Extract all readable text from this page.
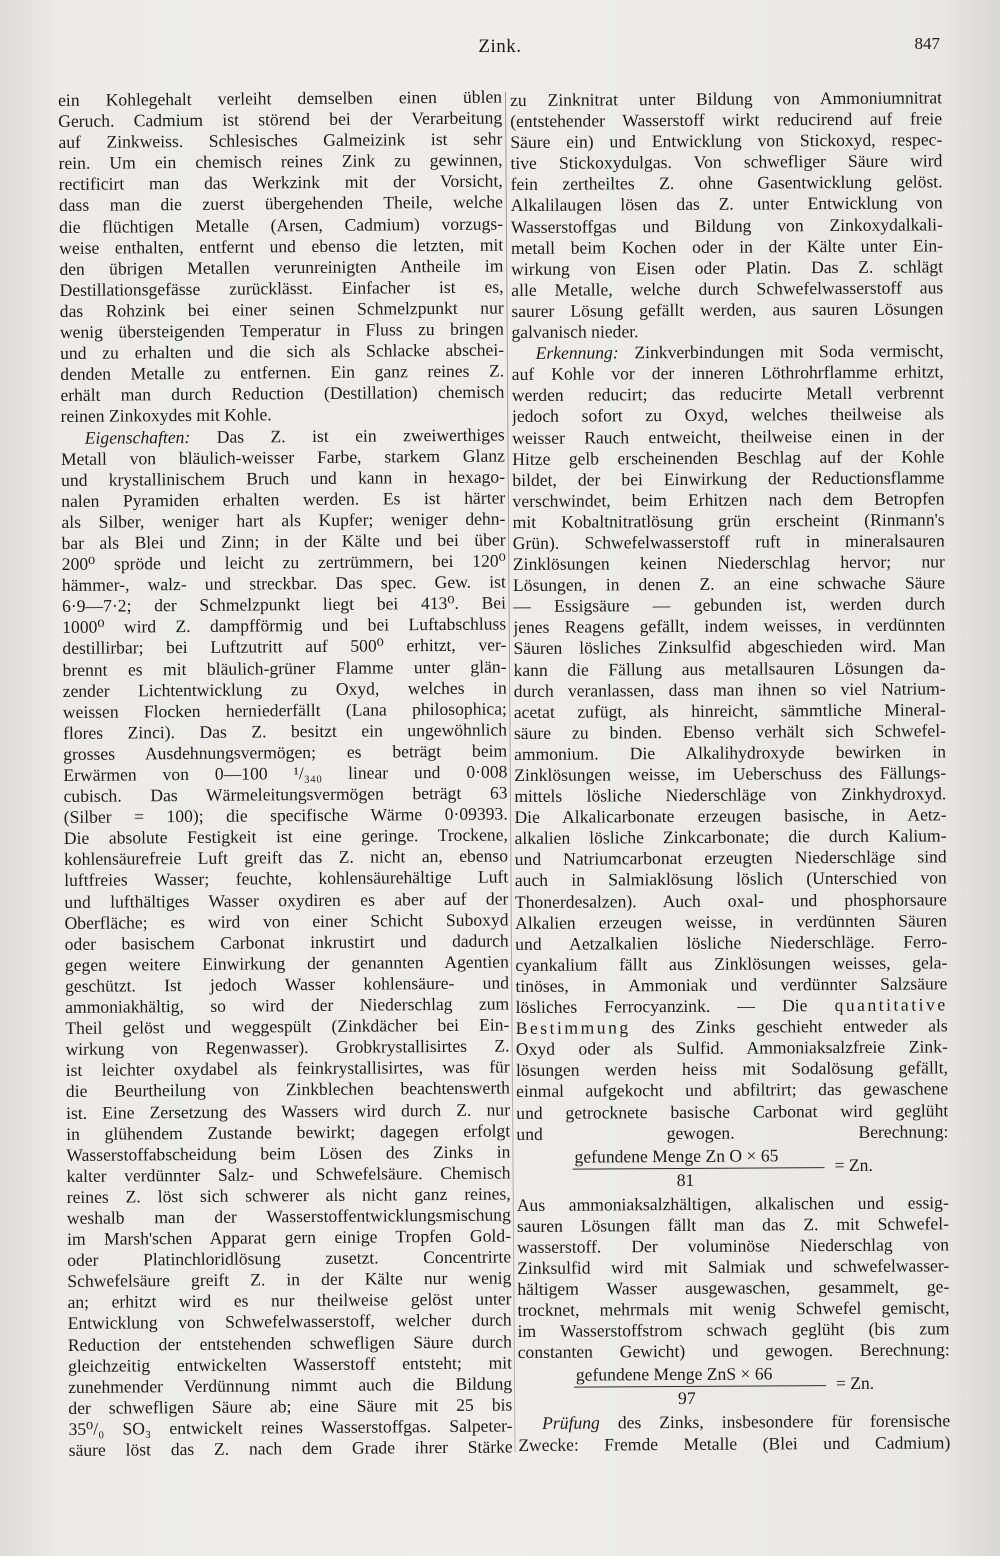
Zink.	847
ein Kohlegehalt verleiht demselben einen üblen
Geruch. Cadmium ist störend bei der Verarbeitung
auf Zinkweiss. Schlesisches Galmeizink ist sehr
rein. Um ein chemisch reines Zink zu gewinnen,
rectificirt man das Werkzink mit der Vorsicht,
dass man die zuerst übergehenden Theile, welche
die flüchtigen Metalle (Arsen, Cadmium) vorzugs-
weise enthalten, entfernt und ebenso die letzten, mit
den übrigen Metallen verunreinigten Antheile im
Destillationsgefässe zurücklässt. Einfacher ist es,
das Rohzink bei einer seinen Schmelzpunkt nur
wenig übersteigenden Temperatur in Fluss zu bringen
und zu erhalten und die sich als Schlacke abschei-
denden Metalle zu entfernen. Ein ganz reines Z.
erhält man durch Reduction (Destillation) chemisch
reinen Zinkoxydes mit Kohle.
Eigenschaften: Das Z. ist ein zweiwerthiges
Metall von bläulich-weisser Farbe, starkem Glanz
und krystallinischem Bruch und kann in hexago-
nalen Pyramiden erhalten werden. Es ist härter
als Silber, weniger hart als Kupfer; weniger dehn-
bar als Blei und Zinn; in der Kälte und bei über
200⁰ spröde und leicht zu zertrümmern, bei 120⁰
hämmer-, walz- und streckbar. Das spec. Gew. ist
6·9—7·2; der Schmelzpunkt liegt bei 413⁰. Bei
1000⁰ wird Z. dampfförmig und bei Luftabschluss
destillirbar; bei Luftzutritt auf 500⁰ erhitzt, ver-
brennt es mit bläulich-grüner Flamme unter glän-
zender Lichtentwicklung zu Oxyd, welches in
weissen Flocken herniederfällt (Lana philosophica;
flores Zinci). Das Z. besitzt ein ungewöhnlich
grosses Ausdehnungsvermögen; es beträgt beim
Erwärmen von 0—100 ¹/₃₄₀ linear und 0·008
cubisch. Das Wärmeleitungsvermögen beträgt 63
(Silber = 100); die specifische Wärme 0·09393.
Die absolute Festigkeit ist eine geringe. Trockene,
kohlensäurefreie Luft greift das Z. nicht an, ebenso
luftfreies Wasser; feuchte, kohlensäurehältige Luft
und lufthältiges Wasser oxydiren es aber auf der
Oberfläche; es wird von einer Schicht Suboxyd
oder basischem Carbonat inkrustirt und dadurch
gegen weitere Einwirkung der genannten Agentien
geschützt. Ist jedoch Wasser kohlensäure- und
ammoniakhältig, so wird der Niederschlag zum
Theil gelöst und weggespült (Zinkdächer bei Ein-
wirkung von Regenwasser). Grobkrystallisirtes Z.
ist leichter oxydabel als feinkrystallisirtes, was für
die Beurtheilung von Zinkblechen beachtenswerth
ist. Eine Zersetzung des Wassers wird durch Z. nur
in glühendem Zustande bewirkt; dagegen erfolgt
Wasserstoffabscheidung beim Lösen des Zinks in
kalter verdünnter Salz- und Schwefelsäure. Chemisch
reines Z. löst sich schwerer als nicht ganz reines,
weshalb man der Wasserstoffentwicklungsmischung
im Marsh'schen Apparat gern einige Tropfen Gold-
oder Platinchloridlösung zusetzt. Concentrirte
Schwefelsäure greift Z. in der Kälte nur wenig
an; erhitzt wird es nur theilweise gelöst unter
Entwicklung von Schwefelwasserstoff, welcher durch
Reduction der entstehenden schwefligen Säure durch
gleichzeitig entwickelten Wasserstoff entsteht; mit
zunehmender Verdünnung nimmt auch die Bildung
der schwefligen Säure ab; eine Säure mit 25 bis
35⁰/₀ SO₃ entwickelt reines Wasserstoffgas. Salpeter-
säure löst das Z. nach dem Grade ihrer Stärke
zu Zinknitrat unter Bildung von Ammoniumnitrat
(entstehender Wasserstoff wirkt reducirend auf freie
Säure ein) und Entwicklung von Stickoxyd, respec-
tive Stickoxydulgas. Von schwefliger Säure wird
fein zertheiltes Z. ohne Gasentwicklung gelöst.
Alkalilaugen lösen das Z. unter Entwicklung von
Wasserstoffgas und Bildung von Zinkoxydalkali-
metall beim Kochen oder in der Kälte unter Ein-
wirkung von Eisen oder Platin. Das Z. schlägt
alle Metalle, welche durch Schwefelwasserstoff aus
saurer Lösung gefällt werden, aus sauren Lösungen
galvanisch nieder.
Erkennung: Zinkverbindungen mit Soda vermischt,
auf Kohle vor der inneren Löthrohrflamme erhitzt,
werden reducirt; das reducirte Metall verbrennt
jedoch sofort zu Oxyd, welches theilweise als
weisser Rauch entweicht, theilweise einen in der
Hitze gelb erscheinenden Beschlag auf der Kohle
bildet, der bei Einwirkung der Reductionsflamme
verschwindet, beim Erhitzen nach dem Betropfen
mit Kobaltnitratlösung grün erscheint (Rinmann's
Grün). Schwefelwasserstoff ruft in mineralsauren
Zinklösungen keinen Niederschlag hervor; nur
Lösungen, in denen Z. an eine schwache Säure
— Essigsäure — gebunden ist, werden durch
jenes Reagens gefällt, indem weisses, in verdünnten
Säuren lösliches Zinksulfid abgeschieden wird. Man
kann die Fällung aus metallsauren Lösungen da-
durch veranlassen, dass man ihnen so viel Natrium-
acetat zufügt, als hinreicht, sämmtliche Mineral-
säure zu binden. Ebenso verhält sich Schwefel-
ammonium. Die Alkalihydroxyde bewirken in
Zinklösungen weisse, im Ueberschuss des Fällungs-
mittels lösliche Niederschläge von Zinkhydroxyd.
Die Alkalicarbonate erzeugen basische, in Aetz-
alkalien lösliche Zinkcarbonate; die durch Kalium-
und Natriumcarbonat erzeugten Niederschläge sind
auch in Salmiaklösung löslich (Unterschied von
Thonerdesalzen). Auch oxal- und phosphorsaure
Alkalien erzeugen weisse, in verdünnten Säuren
und Aetzalkalien lösliche Niederschläge. Ferro-
cyankalium fällt aus Zinklösungen weisses, gela-
tinöses, in Ammoniak und verdünnter Salzsäure
lösliches Ferrocyanzink. — Die quantitative
Bestimmung des Zinks geschieht entweder als
Oxyd oder als Sulfid. Ammoniaksalzfreie Zink-
lösungen werden heiss mit Sodalösung gefällt,
einmal aufgekocht und abfiltrirt; das gewaschene
und getrocknete basische Carbonat wird geglüht
und gewogen. Berechnung:
gefundene Menge Zn O × 65
81
= Zn.
Aus ammoniaksalzhältigen, alkalischen und essig-
sauren Lösungen fällt man das Z. mit Schwefel-
wasserstoff. Der voluminöse Niederschlag von
Zinksulfid wird mit Salmiak und schwefelwasser-
hältigem Wasser ausgewaschen, gesammelt, ge-
trocknet, mehrmals mit wenig Schwefel gemischt,
im Wasserstoffstrom schwach geglüht (bis zum
constanten Gewicht) und gewogen. Berechnung:
gefundene Menge ZnS × 66
97
= Zn.
Prüfung des Zinks, insbesondere für forensische
Zwecke: Fremde Metalle (Blei und Cadmium)
